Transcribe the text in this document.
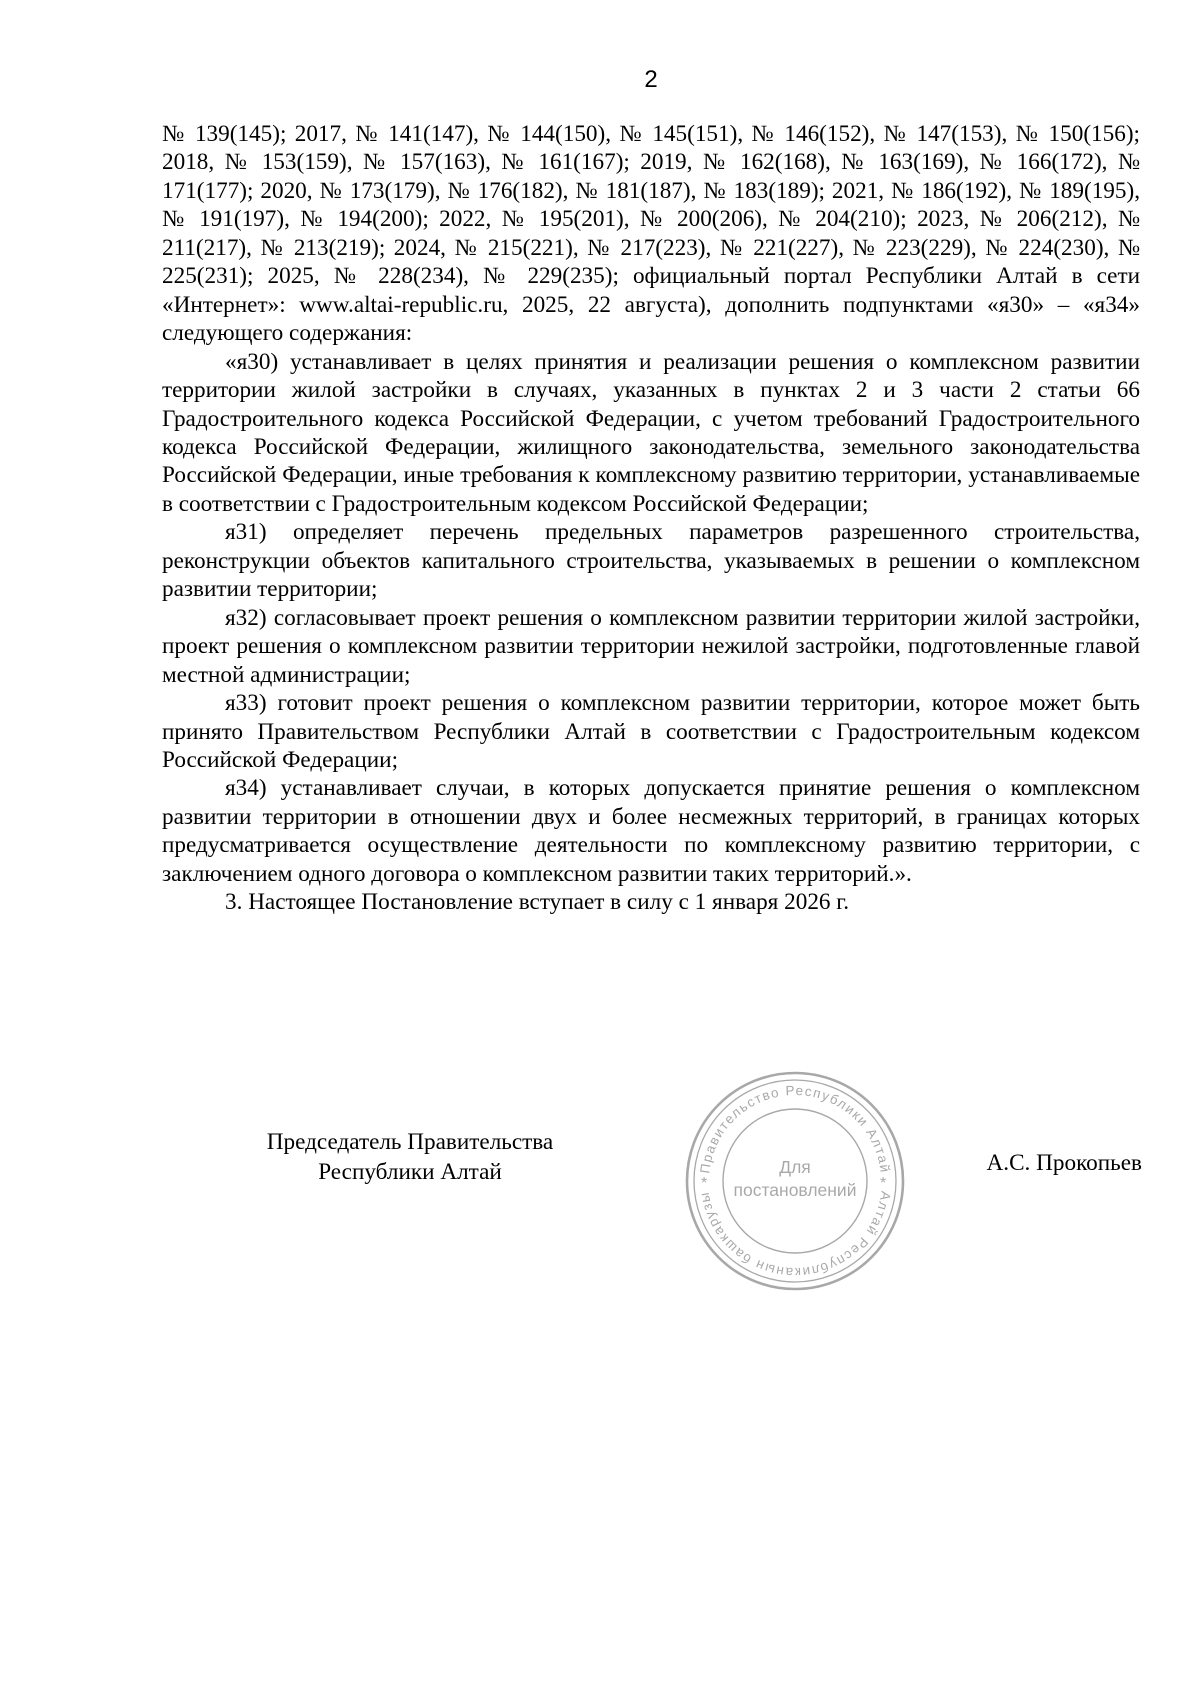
2

№ 139(145); 2017, № 141(147), № 144(150), № 145(151), № 146(152), № 147(153), № 150(156); 2018, № 153(159), № 157(163), № 161(167); 2019, № 162(168), № 163(169), № 166(172), № 171(177); 2020, № 173(179), № 176(182), № 181(187), № 183(189); 2021, № 186(192), № 189(195), № 191(197), № 194(200); 2022, № 195(201), № 200(206), № 204(210); 2023, № 206(212), № 211(217), № 213(219); 2024, № 215(221), № 217(223), № 221(227), № 223(229), № 224(230), № 225(231); 2025, № 228(234), № 229(235); официальный портал Республики Алтай в сети «Интернет»: www.altai-republic.ru, 2025, 22 августа), дополнить подпунктами «я30» – «я34» следующего содержания:

«я30) устанавливает в целях принятия и реализации решения о комплексном развитии территории жилой застройки в случаях, указанных в пунктах 2 и 3 части 2 статьи 66 Градостроительного кодекса Российской Федерации, с учетом требований Градостроительного кодекса Российской Федерации, жилищного законодательства, земельного законодательства Российской Федерации, иные требования к комплексному развитию территории, устанавливаемые в соответствии с Градостроительным кодексом Российской Федерации;

я31) определяет перечень предельных параметров разрешенного строительства, реконструкции объектов капитального строительства, указываемых в решении о комплексном развитии территории;

я32) согласовывает проект решения о комплексном развитии территории жилой застройки, проект решения о комплексном развитии территории нежилой застройки, подготовленные главой местной администрации;

я33) готовит проект решения о комплексном развитии территории, которое может быть принято Правительством Республики Алтай в соответствии с Градостроительным кодексом Российской Федерации;

я34) устанавливает случаи, в которых допускается принятие решения о комплексном развитии территории в отношении двух и более несмежных территорий, в границах которых предусматривается осуществление деятельности по комплексному развитию территории, с заключением одного договора о комплексном развитии таких территорий.».

3. Настоящее Постановление вступает в силу с 1 января 2026 г.

Председатель Правительства
Республики Алтай	Правительство Республики Алтай
Алтай Республиканын башкарузы
*	*
Для
постановлений
А.С. Прокопьев
